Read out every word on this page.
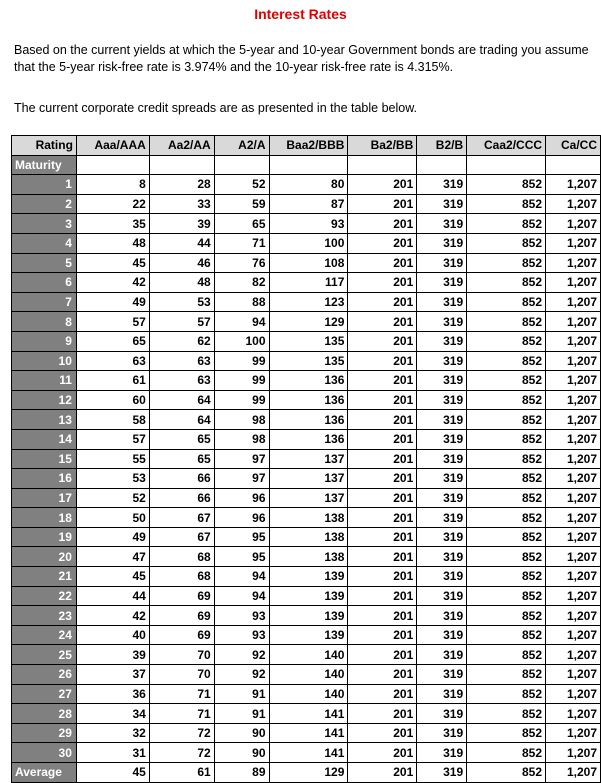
Interest Rates
Based on the current yields at which the 5-year and 10-year Government bonds are trading you assume that the 5-year risk-free rate is 3.974% and the 10-year risk-free rate is 4.315%.
The current corporate credit spreads are as presented in the table below.
Rating	Aaa/AAA	Aa2/AA	A2/A	Baa2/BBB	Ba2/BB	B2/B	Caa2/CCC	Ca/CC
Maturity								
1	8	28	52	80	201	319	852	1,207
2	22	33	59	87	201	319	852	1,207
3	35	39	65	93	201	319	852	1,207
4	48	44	71	100	201	319	852	1,207
5	45	46	76	108	201	319	852	1,207
6	42	48	82	117	201	319	852	1,207
7	49	53	88	123	201	319	852	1,207
8	57	57	94	129	201	319	852	1,207
9	65	62	100	135	201	319	852	1,207
10	63	63	99	135	201	319	852	1,207
11	61	63	99	136	201	319	852	1,207
12	60	64	99	136	201	319	852	1,207
13	58	64	98	136	201	319	852	1,207
14	57	65	98	136	201	319	852	1,207
15	55	65	97	137	201	319	852	1,207
16	53	66	97	137	201	319	852	1,207
17	52	66	96	137	201	319	852	1,207
18	50	67	96	138	201	319	852	1,207
19	49	67	95	138	201	319	852	1,207
20	47	68	95	138	201	319	852	1,207
21	45	68	94	139	201	319	852	1,207
22	44	69	94	139	201	319	852	1,207
23	42	69	93	139	201	319	852	1,207
24	40	69	93	139	201	319	852	1,207
25	39	70	92	140	201	319	852	1,207
26	37	70	92	140	201	319	852	1,207
27	36	71	91	140	201	319	852	1,207
28	34	71	91	141	201	319	852	1,207
29	32	72	90	141	201	319	852	1,207
30	31	72	90	141	201	319	852	1,207
Average	45	61	89	129	201	319	852	1,207
